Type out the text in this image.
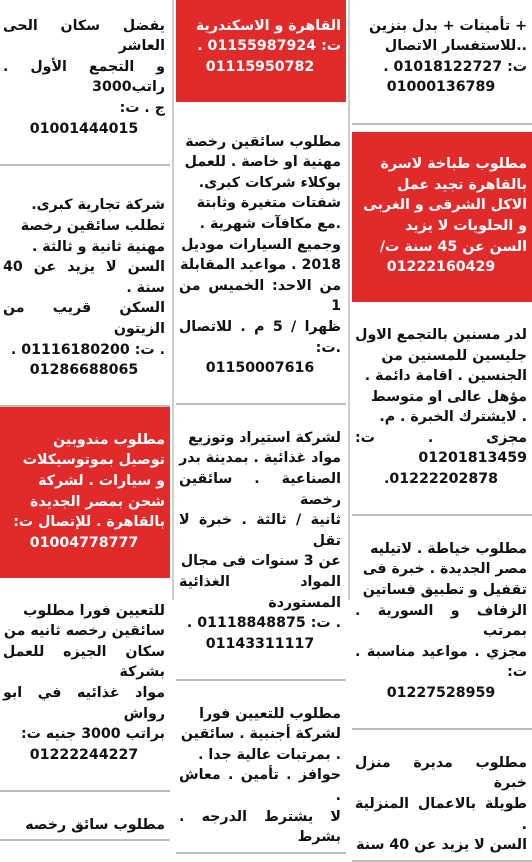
+ تأمينات + بدل بنزين
..للاستفسار الاتصال
ت: 01018122727 .

01000136789

مطلوب طباخة لاسرة
بالقاهرة تجيد عمل
الاكل الشرقى و الغربى
و الحلويات لا يزيد
السن عن 45 سنة ت/

01222160429

لدر مسنين بالتجمع الاول
جليسين للمسنين من
الجنسين . اقامة دائمة .
مؤهل عالى او متوسط
. لايشترك الخبرة . م.
مجزى . ت: 01201813459

01222202878.

مطلوب خياطة . لاتيليه
مصر الجديدة . خبرة فى
تقفيل و تطبيق فساتين
الزفاف و السورية . بمرتب
مجزي . مواعيد مناسبة . ت:

01227528959

مطلوب مديرة منزل خبرة
طويلة بالاعمال المنزلية .
السن لا يزيد عن 40 سنة

القاهرة و الاسكندرية
ت: 01155987924 .

01115950782

مطلوب سائقين رخصة
مهنية او خاصة . للعمل
بوكلاء شركات كبرى.
شفتات متغيرة وثابتة
.مع مكافآت شهرية .
وجميع السيارات موديل
2018 . مواعيد المقابلة
من الاحد: الخميس من 1
ظهرا / 5 م . للاتصال .ت:

01150007616

لشركة استيراد وتوزيع
مواد غذائية . بمدينة بدر
الصناعية . سائقين رخصة
ثانية / ثالثة . خبرة لا تقل
عن 3 سنوات فى مجال
المواد الغذائية المستوردة
. ت: 01118848875 .

01143311117

مطلوب للتعيين فورا
لشركة أجنبية . سائقين
. بمرتبات عالية جدا .
حوافز . تأمين . معاش .
لا يشترط الدرجه . بشرط

يفضل سكان الحى العاشر
و التجمع الأول . راتب3000
ج . ت:

01001444015

شركة تجارية كبرى.
تطلب سائقين رخصة
مهنية ثانية و ثالثة .
السن لا يزيد عن 40 سنة .
السكن قريب من الزيتون
. ت: 01116180200 .

01286688065

مطلوب مندوبين
توصيل بموتوسيكلات
و سيارات . لشركة
شحن بمصر الجديدة
بالقاهرة . للإتصال ت:

01004778777

للتعيين فورا مطلوب
سائقين رخصه ثانيه من
سكان الجيزه للعمل بشركة
مواد غذائيه في ابو رواش
براتب 3000 جنيه ت:

01222244227

مطلوب سائق رخصه
